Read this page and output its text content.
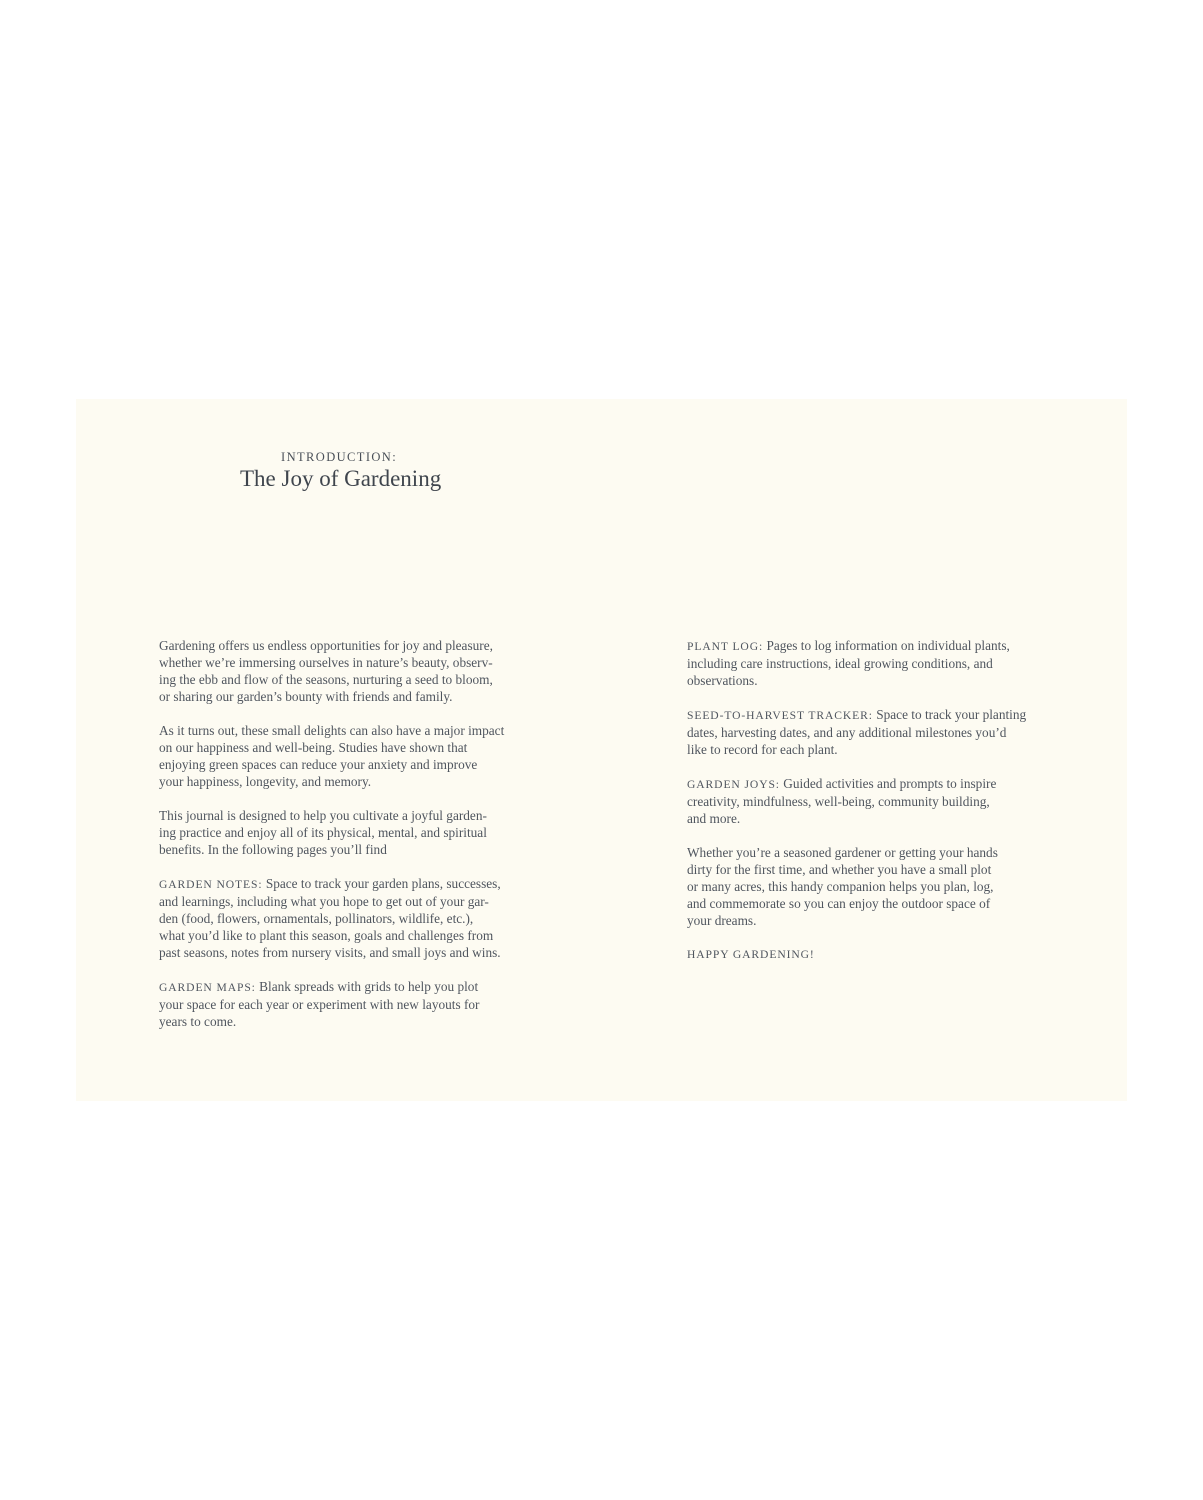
INTRODUCTION:
The Joy of Gardening

Gardening offers us endless opportunities for joy and pleasure,
whether we’re immersing ourselves in nature’s beauty, observ-
ing the ebb and flow of the seasons, nurturing a seed to bloom,
or sharing our garden’s bounty with friends and family.

As it turns out, these small delights can also have a major impact
on our happiness and well-being. Studies have shown that
enjoying green spaces can reduce your anxiety and improve
your happiness, longevity, and memory.

This journal is designed to help you cultivate a joyful garden-
ing practice and enjoy all of its physical, mental, and spiritual
benefits. In the following pages you’ll find

GARDEN NOTES: Space to track your garden plans, successes,
and learnings, including what you hope to get out of your gar-
den (food, flowers, ornamentals, pollinators, wildlife, etc.),
what you’d like to plant this season, goals and challenges from
past seasons, notes from nursery visits, and small joys and wins.

GARDEN MAPS: Blank spreads with grids to help you plot
your space for each year or experiment with new layouts for
years to come.

PLANT LOG: Pages to log information on individual plants,
including care instructions, ideal growing conditions, and
observations.

SEED-TO-HARVEST TRACKER: Space to track your planting
dates, harvesting dates, and any additional milestones you’d
like to record for each plant.

GARDEN JOYS: Guided activities and prompts to inspire
creativity, mindfulness, well-being, community building,
and more.

Whether you’re a seasoned gardener or getting your hands
dirty for the first time, and whether you have a small plot
or many acres, this handy companion helps you plan, log,
and commemorate so you can enjoy the outdoor space of
your dreams.

HAPPY GARDENING!
